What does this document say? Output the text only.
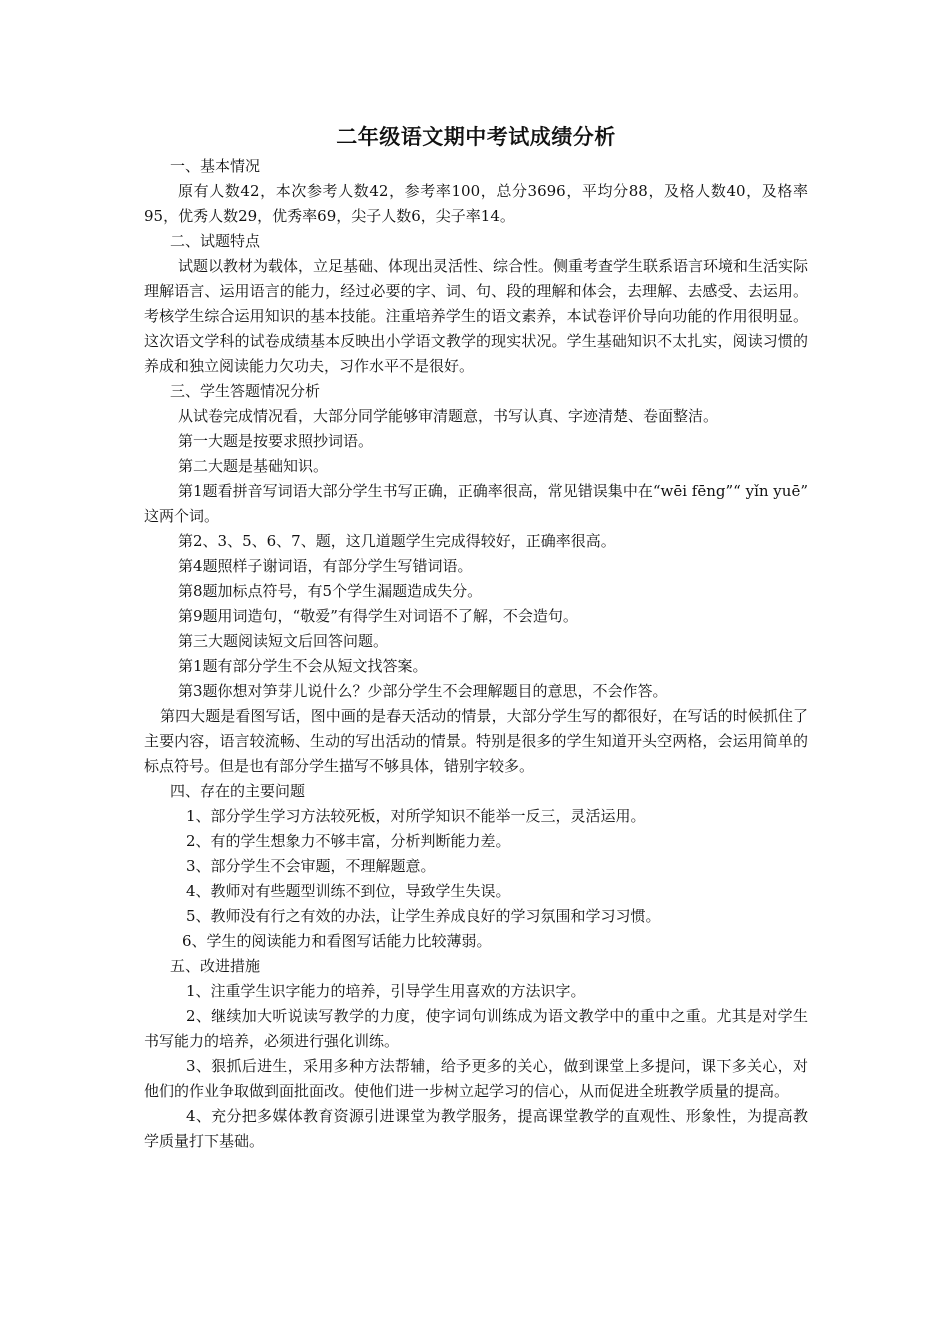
二年级语文期中考试成绩分析

一、基本情况

原有人数42，本次参考人数42，参考率100，总分3696，平均分88，及格人数40，及格率95，优秀人数29，优秀率69，尖子人数6，尖子率14。

二、试题特点

试题以教材为载体，立足基础、体现出灵活性、综合性。侧重考查学生联系语言环境和生活实际理解语言、运用语言的能力，经过必要的字、词、句、段的理解和体会，去理解、去感受、去运用。考核学生综合运用知识的基本技能。注重培养学生的语文素养，本试卷评价导向功能的作用很明显。这次语文学科的试卷成绩基本反映出小学语文教学的现实状况。学生基础知识不太扎实，阅读习惯的养成和独立阅读能力欠功夫，习作水平不是很好。

三、学生答题情况分析

从试卷完成情况看，大部分同学能够审清题意，书写认真、字迹清楚、卷面整洁。

第一大题是按要求照抄词语。

第二大题是基础知识。

第1题看拼音写词语大部分学生书写正确，正确率很高，常见错误集中在“wēi fēng”“ yǐn yuē” 这两个词。

第2、3、5、6、7、题，这几道题学生完成得较好，正确率很高。

第4题照样子谢词语，有部分学生写错词语。

第8题加标点符号，有5个学生漏题造成失分。

第9题用词造句，“敬爱”有得学生对词语不了解，不会造句。

第三大题阅读短文后回答问题。

第1题有部分学生不会从短文找答案。

第3题你想对笋芽儿说什么？少部分学生不会理解题目的意思，不会作答。

第四大题是看图写话，图中画的是春天活动的情景，大部分学生写的都很好，在写话的时候抓住了主要内容，语言较流畅、生动的写出活动的情景。特别是很多的学生知道开头空两格，会运用简单的标点符号。但是也有部分学生描写不够具体，错别字较多。

四、存在的主要问题

1、部分学生学习方法较死板，对所学知识不能举一反三，灵活运用。

2、有的学生想象力不够丰富，分析判断能力差。

3、部分学生不会审题，不理解题意。

4、教师对有些题型训练不到位，导致学生失误。

5、教师没有行之有效的办法，让学生养成良好的学习氛围和学习习惯。

6、学生的阅读能力和看图写话能力比较薄弱。

五、改进措施

1、注重学生识字能力的培养，引导学生用喜欢的方法识字。

2、继续加大听说读写教学的力度，使字词句训练成为语文教学中的重中之重。尤其是对学生书写能力的培养，必须进行强化训练。

3、狠抓后进生，采用多种方法帮辅，给予更多的关心，做到课堂上多提问，课下多关心，对他们的作业争取做到面批面改。使他们进一步树立起学习的信心，从而促进全班教学质量的提高。

4、充分把多媒体教育资源引进课堂为教学服务，提高课堂教学的直观性、形象性，为提高教学质量打下基础。
